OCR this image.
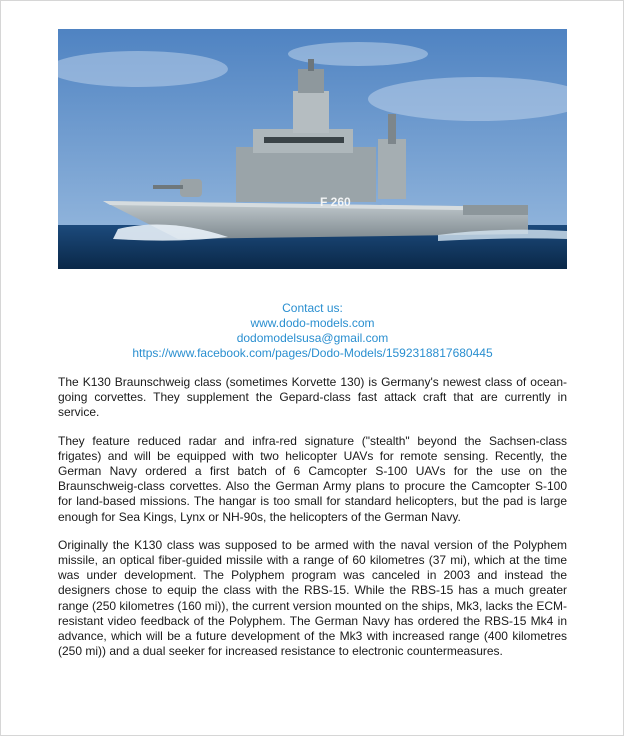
F 260
Contact us:
www.dodo-models.com
dodomodelsusa@gmail.com
https://www.facebook.com/pages/Dodo-Models/1592318817680445

The K130 Braunschweig class (sometimes Korvette 130) is Germany's newest class of ocean-going corvettes. They supplement the Gepard-class fast attack craft that are currently in service.

They feature reduced radar and infra-red signature ("stealth" beyond the Sachsen-class frigates) and will be equipped with two helicopter UAVs for remote sensing. Recently, the German Navy ordered a first batch of 6 Camcopter S-100 UAVs for the use on the Braunschweig-class corvettes. Also the German Army plans to procure the Camcopter S-100 for land-based missions. The hangar is too small for standard helicopters, but the pad is large enough for Sea Kings, Lynx or NH-90s, the helicopters of the German Navy.

Originally the K130 class was supposed to be armed with the naval version of the Polyphem missile, an optical fiber-guided missile with a range of 60 kilometres (37 mi), which at the time was under development. The Polyphem program was canceled in 2003 and instead the designers chose to equip the class with the RBS-15. While the RBS-15 has a much greater range (250 kilometres (160 mi)), the current version mounted on the ships, Mk3, lacks the ECM-resistant video feedback of the Polyphem. The German Navy has ordered the RBS-15 Mk4 in advance, which will be a future development of the Mk3 with increased range (400 kilometres (250 mi)) and a dual seeker for increased resistance to electronic countermeasures.
